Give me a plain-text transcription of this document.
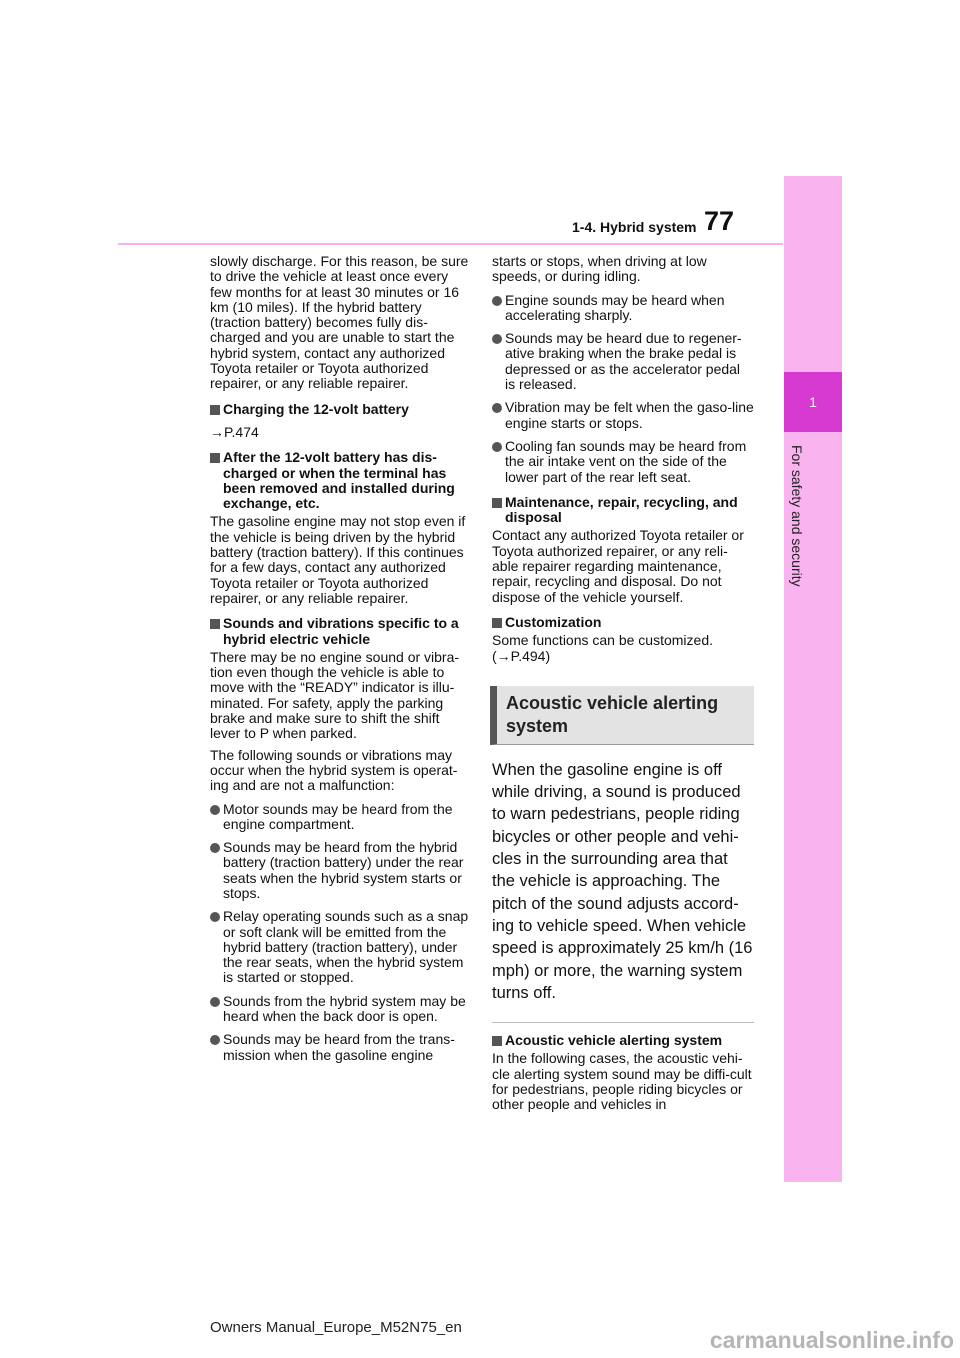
1
For safety and security
1-4. Hybrid system 77

slowly discharge. For this reason, be sure to drive the vehicle at least once every few months for at least 30 minutes or 16 km (10 miles). If the hybrid battery (traction battery) becomes fully dis-charged and you are unable to start the hybrid system, contact any authorized Toyota retailer or Toyota authorized repairer, or any reliable repairer.

Charging the 12-volt battery

→P.474

After the 12-volt battery has dis-charged or when the terminal has been removed and installed during exchange, etc.

The gasoline engine may not stop even if the vehicle is being driven by the hybrid battery (traction battery). If this continues for a few days, contact any authorized Toyota retailer or Toyota authorized repairer, or any reliable repairer.

Sounds and vibrations specific to a hybrid electric vehicle

There may be no engine sound or vibra-tion even though the vehicle is able to move with the “READY” indicator is illu-minated. For safety, apply the parking brake and make sure to shift the shift lever to P when parked.

The following sounds or vibrations may occur when the hybrid system is operat-ing and are not a malfunction:

Motor sounds may be heard from the engine compartment.
Sounds may be heard from the hybrid battery (traction battery) under the rear seats when the hybrid system starts or stops.
Relay operating sounds such as a snap or soft clank will be emitted from the hybrid battery (traction battery), under the rear seats, when the hybrid system is started or stopped.
Sounds from the hybrid system may be heard when the back door is open.
Sounds may be heard from the trans-mission when the gasoline engine

starts or stops, when driving at low speeds, or during idling.

Engine sounds may be heard when accelerating sharply.
Sounds may be heard due to regener-ative braking when the brake pedal is depressed or as the accelerator pedal is released.
Vibration may be felt when the gaso-line engine starts or stops.
Cooling fan sounds may be heard from the air intake vent on the side of the lower part of the rear left seat.
Maintenance, repair, recycling, and disposal

Contact any authorized Toyota retailer or Toyota authorized repairer, or any reli-able repairer regarding maintenance, repair, recycling and disposal. Do not dispose of the vehicle yourself.

Customization

Some functions can be customized. (→P.494)

Acoustic vehicle alerting system

When the gasoline engine is off while driving, a sound is produced to warn pedestrians, people riding bicycles or other people and vehi-cles in the surrounding area that the vehicle is approaching. The pitch of the sound adjusts accord-ing to vehicle speed. When vehicle speed is approximately 25 km/h (16 mph) or more, the warning system turns off.

Acoustic vehicle alerting system

In the following cases, the acoustic vehi-cle alerting system sound may be diffi-cult for pedestrians, people riding bicycles or other people and vehicles in

Owners Manual_Europe_M52N75_en	carmanualsonline.info
